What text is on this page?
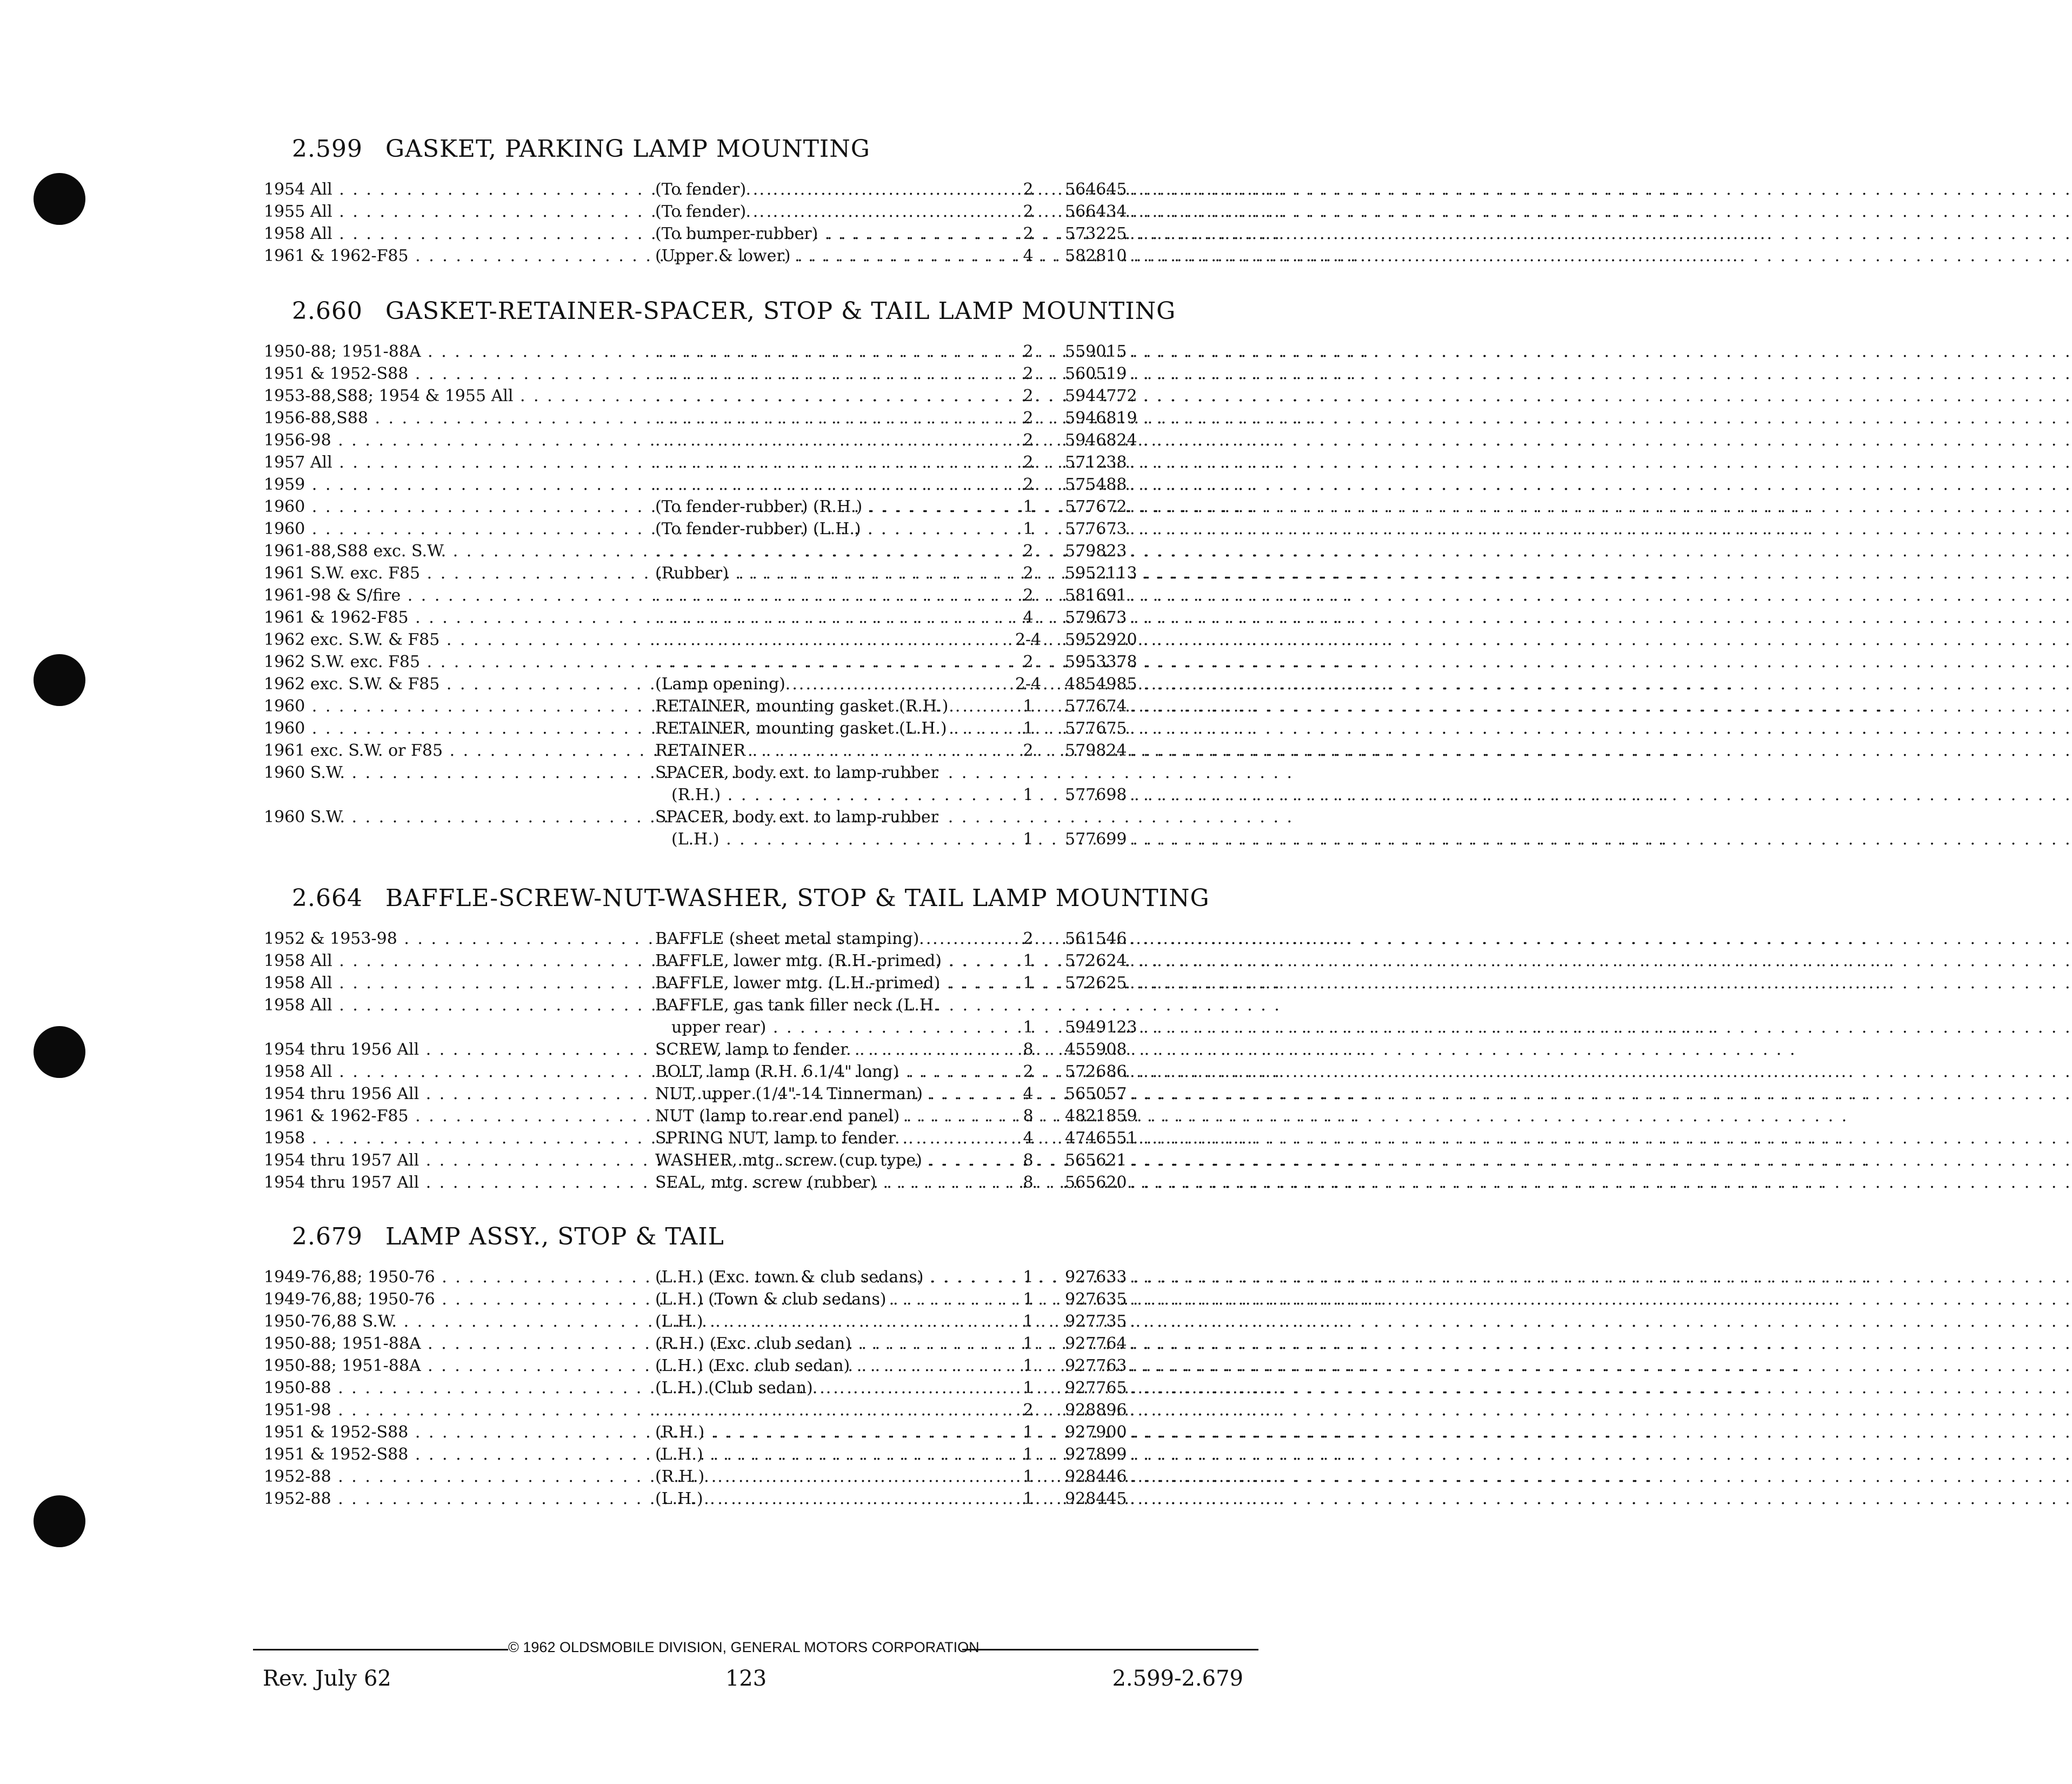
2.599 GASKET, PARKING LAMP MOUNTING
1954 All . . .	(To fender) . . .	2	564645
. . .
1955 All . . .	(To fender) . . .	2	566434
. . .
1958 All . . .	(To bumper-rubber) . . .	2	573225
. . .
1961 & 1962-F85 . . .	(Upper & lower) . . .	4	582810
. . .
2.660 GASKET-RETAINER-SPACER, STOP & TAIL LAMP MOUNTING
1950-88; 1951-88A . . . . . .	2	559015
. . .
1951 & 1952-S88 . . . . . .	2	560519
. . .
1953-88,S88; 1954 & 1955 All . . . . . .	2	5944772
. . .
1956-88,S88 . . . . . .	2	5946819
. . .
1956-98 . . . . . .	2	5946824
. . .
1957 All . . . . . .	2	571238
. . .
1959 . . . . . .	2	575488
. . .
1960 . . .	(To fender-rubber) (R.H.) . . .	1	577672
. . .
1960 . . .	(To fender-rubber) (L.H.) . . .	1	577673
. . .
1961-88,S88 exc. S.W. . . . . . .	2	579823
. . .
1961 S.W. exc. F85 . . .	(Rubber) . . .	2	5952113
. . .
1961-98 & S/fire . . . . . .	2	581691
. . .
1961 & 1962-F85 . . . . . .	4	579673
. . .
1962 exc. S.W. & F85 . . . . . .	2-4	5952920
. . .
1962 S.W. exc. F85 . . . . . .	2	5953378
. . .
1962 exc. S.W. & F85 . . .	(Lamp opening) . . .	2-4	4854985
. . .
1960 . . .	RETAINER, mounting gasket (R.H.) . . .	1	577674
. . .
1960 . . .	RETAINER, mounting gasket (L.H.) . . .	1	577675
. . .
1961 exc. S.W. or F85 . . .	RETAINER . . .	2	579824
. . .
1960 S.W. . . .	SPACER, body ext. to lamp-rubber
(R.H.) . . .	1	577698
. . .
1960 S.W. . . .	SPACER, body ext. to lamp-rubber
(L.H.) . . .	1	577699
. . .
2.664 BAFFLE-SCREW-NUT-WASHER, STOP & TAIL LAMP MOUNTING
1952 & 1953-98 . . .	BAFFLE (sheet metal stamping) . . .	2	561546
. . .
1958 All . . .	BAFFLE, lower mtg. (R.H.-primed) . . .	1	572624
. . .
1958 All . . .	BAFFLE, lower mtg. (L.H.-primed) . . .	1	572625
. . .
1958 All . . .	BAFFLE, gas tank filler neck (L.H.
upper rear) . . .	1	5949123
. . .
1954 thru 1956 All . . .	SCREW, lamp to fender . . .	8	455908
1958 All . . .	BOLT, lamp (R.H. 6 1/4" long) . . .	2	572686
. . .
1954 thru 1956 All . . .	NUT, upper (1/4"-14 Tinnerman) . . .	4	565057
. . .
1961 & 1962-F85 . . .	NUT (lamp to rear end panel) . . .	8	4821859
1958 . . .	SPRING NUT, lamp to fender . . .	4	4746551
. . .
1954 thru 1957 All . . .	WASHER, mtg. screw (cup type) . . .	8	565621
. . .
1954 thru 1957 All . . .	SEAL, mtg. screw (rubber) . . .	8	565620
. . .
2.679 LAMP ASSY., STOP & TAIL
1949-76,88; 1950-76 . . .	(L.H.) (Exc. town & club sedans) . . .	1	927633
. . .
1949-76,88; 1950-76 . . .	(L.H.) (Town & club sedans) . . .	1	927635
. . .
1950-76,88 S.W. . . .	(L.H.) . . .	1	927735
. . .
1950-88; 1951-88A . . .	(R.H.) (Exc. club sedan) . . .	1	927764
. . .
1950-88; 1951-88A . . .	(L.H.) (Exc. club sedan) . . .	1	927763
. . .
1950-88 . . .	(L.H.) (Club sedan) . . .	1	927765
. . .
1951-98 . . . . . .	2	928896
. . .
1951 & 1952-S88 . . .	(R.H.) . . .	1	927900
. . .
1951 & 1952-S88 . . .	(L.H.) . . .	1	927899
. . .
1952-88 . . .	(R.H.) . . .	1	928446
. . .
1952-88 . . .	(L.H.) . . .	1	928445
. . .
© 1962 OLDSMOBILE DIVISION, GENERAL MOTORS CORPORATION
Rev. July 62	123	2.599-2.679
